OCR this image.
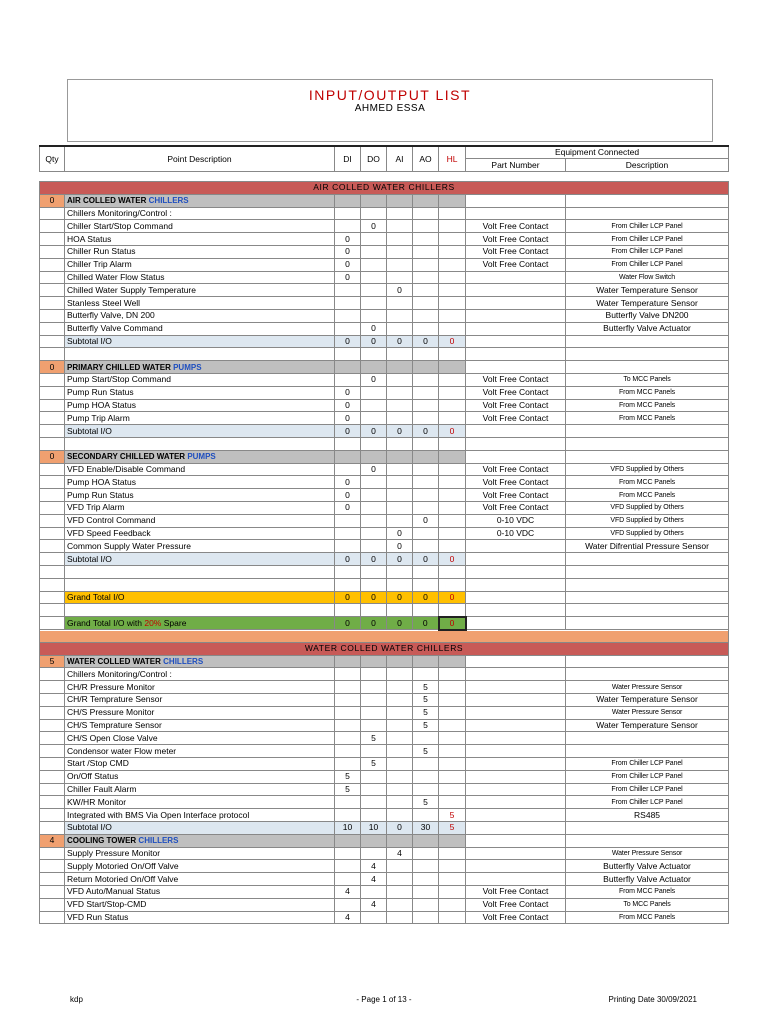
INPUT/OUTPUT LIST
AHMED ESSA
Qty	Point Description	DI	DO	AI	AO	HL	Equipment Connected	
							Part Number	Description
AIR COLLED WATER CHILLERS								
0	AIR COLLED WATER CHILLERS							
	Chillers Monitoring/Control :							
	Chiller Start/Stop Command		0				Volt Free Contact	From Chiller LCP Panel
	HOA Status	0					Volt Free Contact	From Chiller LCP Panel
	Chiller Run Status	0					Volt Free Contact	From Chiller LCP Panel
	Chiller Trip Alarm	0					Volt Free Contact	From Chiller LCP Panel
	Chilled Water Flow Status	0						Water Flow Switch
	Chilled Water Supply Temperature			0				Water Temperature Sensor
	Stanless Steel Well							Water Temperature Sensor
	Butterfly Valve, DN 200							Butterfly Valve DN200
	Butterfly Valve Command		0					Butterfly Valve Actuator
	Subtotal I/O	0	0	0	0	0		

0	PRIMARY CHILLED WATER PUMPS							
	Pump Start/Stop Command		0				Volt Free Contact	To MCC Panels
	Pump Run Status	0					Volt Free Contact	From MCC Panels
	Pump HOA Status	0					Volt Free Contact	From MCC Panels
	Pump Trip Alarm	0					Volt Free Contact	From MCC Panels
	Subtotal I/O	0	0	0	0	0		

0	SECONDARY CHILLED WATER PUMPS							
	VFD Enable/Disable Command		0				Volt Free Contact	VFD Supplied by Others
	Pump HOA Status	0					Volt Free Contact	From MCC Panels
	Pump Run Status	0					Volt Free Contact	From MCC Panels
	VFD Trip Alarm	0					Volt Free Contact	VFD Supplied by Others
	VFD Control Command				0		0-10 VDC	VFD Supplied by Others
	VFD Speed Feedback			0			0-10 VDC	VFD Supplied by Others
	Common Supply Water Pressure			0				Water Difrential Pressure Sensor
	Subtotal I/O	0	0	0	0	0		

	Grand Total I/O	0	0	0	0	0		

	Grand Total I/O with 20% Spare	0	0	0	0	0		

WATER COLLED WATER CHILLERS								
5	WATER COLLED WATER CHILLERS							
	Chillers Monitoring/Control :							
	CH/R Pressure Monitor				5			Water Pressure Sensor
	CH/R Temprature Sensor				5			Water Temperature Sensor
	CH/S Pressure Monitor				5			Water Pressure Sensor
	CH/S Temprature Sensor				5			Water Temperature Sensor
	CH/S Open Close Valve		5					
	Condensor water Flow meter				5			
	Start /Stop CMD		5					From Chiller LCP Panel
	On/Off Status	5						From Chiller LCP Panel
	Chiller Fault Alarm	5						From Chiller LCP Panel
	KW/HR Monitor				5			From Chiller LCP Panel
	Integrated with BMS Via Open Interface protocol					5		RS485
	Subtotal I/O	10	10	0	30	5		
4	COOLING TOWER CHILLERS							
	Supply Pressure Monitor			4				Water Pressure Sensor
	Supply Motoried On/Off Valve		4					Butterfly Valve Actuator
	Return Motoried On/Off Valve		4					Butterfly Valve Actuator
	VFD Auto/Manual Status	4					Volt Free Contact	From MCC Panels
	VFD Start/Stop-CMD		4				Volt Free Contact	To MCC Panels
	VFD Run Status	4					Volt Free Contact	From MCC Panels
kdp	- Page 1 of 13 -	Printing Date 30/09/2021
